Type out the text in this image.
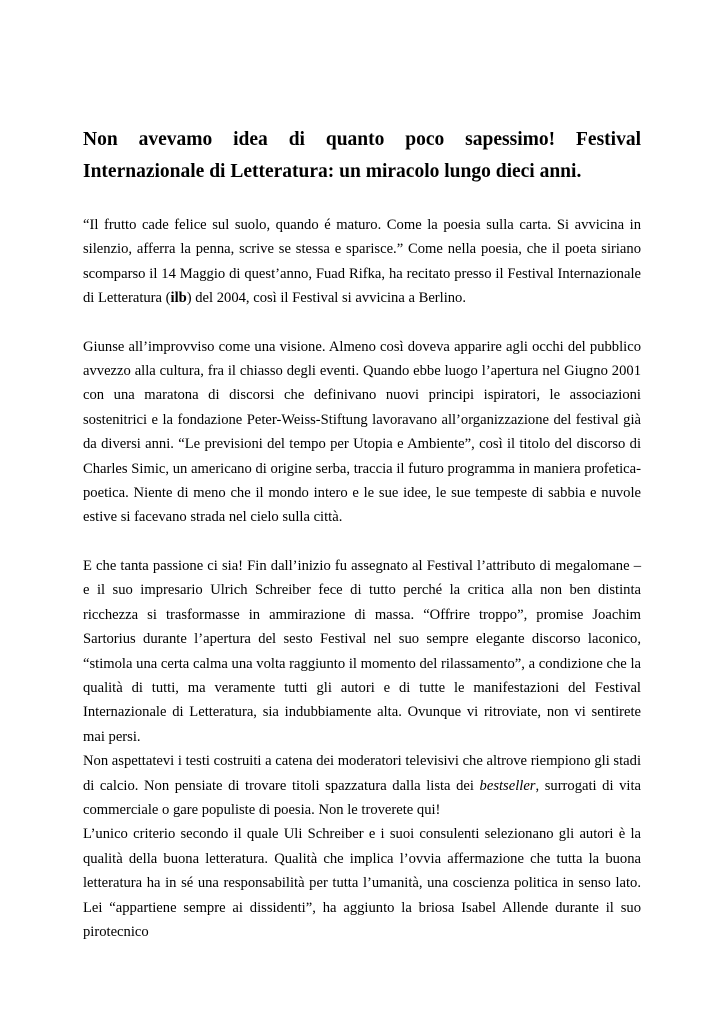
Non avevamo idea di quanto poco sapessimo! Festival Internazionale di Letteratura: un miracolo lungo dieci anni.

“Il frutto cade felice sul suolo, quando é maturo. Come la poesia sulla carta. Si avvicina in silenzio, afferra la penna, scrive se stessa e sparisce.” Come nella poesia, che il poeta siriano scomparso il 14 Maggio di quest’anno, Fuad Rifka, ha recitato presso il Festival Internazionale di Letteratura (ilb) del 2004, così il Festival si avvicina a Berlino.

Giunse all’improvviso come una visione. Almeno così doveva apparire agli occhi del pubblico avvezzo alla cultura, fra il chiasso degli eventi. Quando ebbe luogo l’apertura nel Giugno 2001 con una maratona di discorsi che definivano nuovi principi ispiratori, le associazioni sostenitrici e la fondazione Peter-Weiss-Stiftung lavoravano all’organizzazione del festival già da diversi anni. “Le previsioni del tempo per Utopia e Ambiente”, così il titolo del discorso di Charles Simic, un americano di origine serba, traccia il futuro programma in maniera profetica-poetica. Niente di meno che il mondo intero e le sue idee, le sue tempeste di sabbia e nuvole estive si facevano strada nel cielo sulla città.

E che tanta passione ci sia! Fin dall’inizio fu assegnato al Festival l’attributo di megalomane – e il suo impresario Ulrich Schreiber fece di tutto perché la critica alla non ben distinta ricchezza si trasformasse in ammirazione di massa. “Offrire troppo”, promise Joachim Sartorius durante l’apertura del sesto Festival nel suo sempre elegante discorso laconico, “stimola una certa calma una volta raggiunto il momento del rilassamento”, a condizione che la qualità di tutti, ma veramente tutti gli autori e di tutte le manifestazioni del Festival Internazionale di Letteratura, sia indubbiamente alta. Ovunque vi ritroviate, non vi sentirete mai persi.

Non aspettatevi i testi costruiti a catena dei moderatori televisivi che altrove riempiono gli stadi di calcio. Non pensiate di trovare titoli spazzatura dalla lista dei bestseller, surrogati di vita commerciale o gare populiste di poesia. Non le troverete qui!

L’unico criterio secondo il quale Uli Schreiber e i suoi consulenti selezionano gli autori è la qualità della buona letteratura. Qualità che implica l’ovvia affermazione che tutta la buona letteratura ha in sé una responsabilità per tutta l’umanità, una coscienza politica in senso lato. Lei “appartiene sempre ai dissidenti”, ha aggiunto la briosa Isabel Allende durante il suo pirotecnico
